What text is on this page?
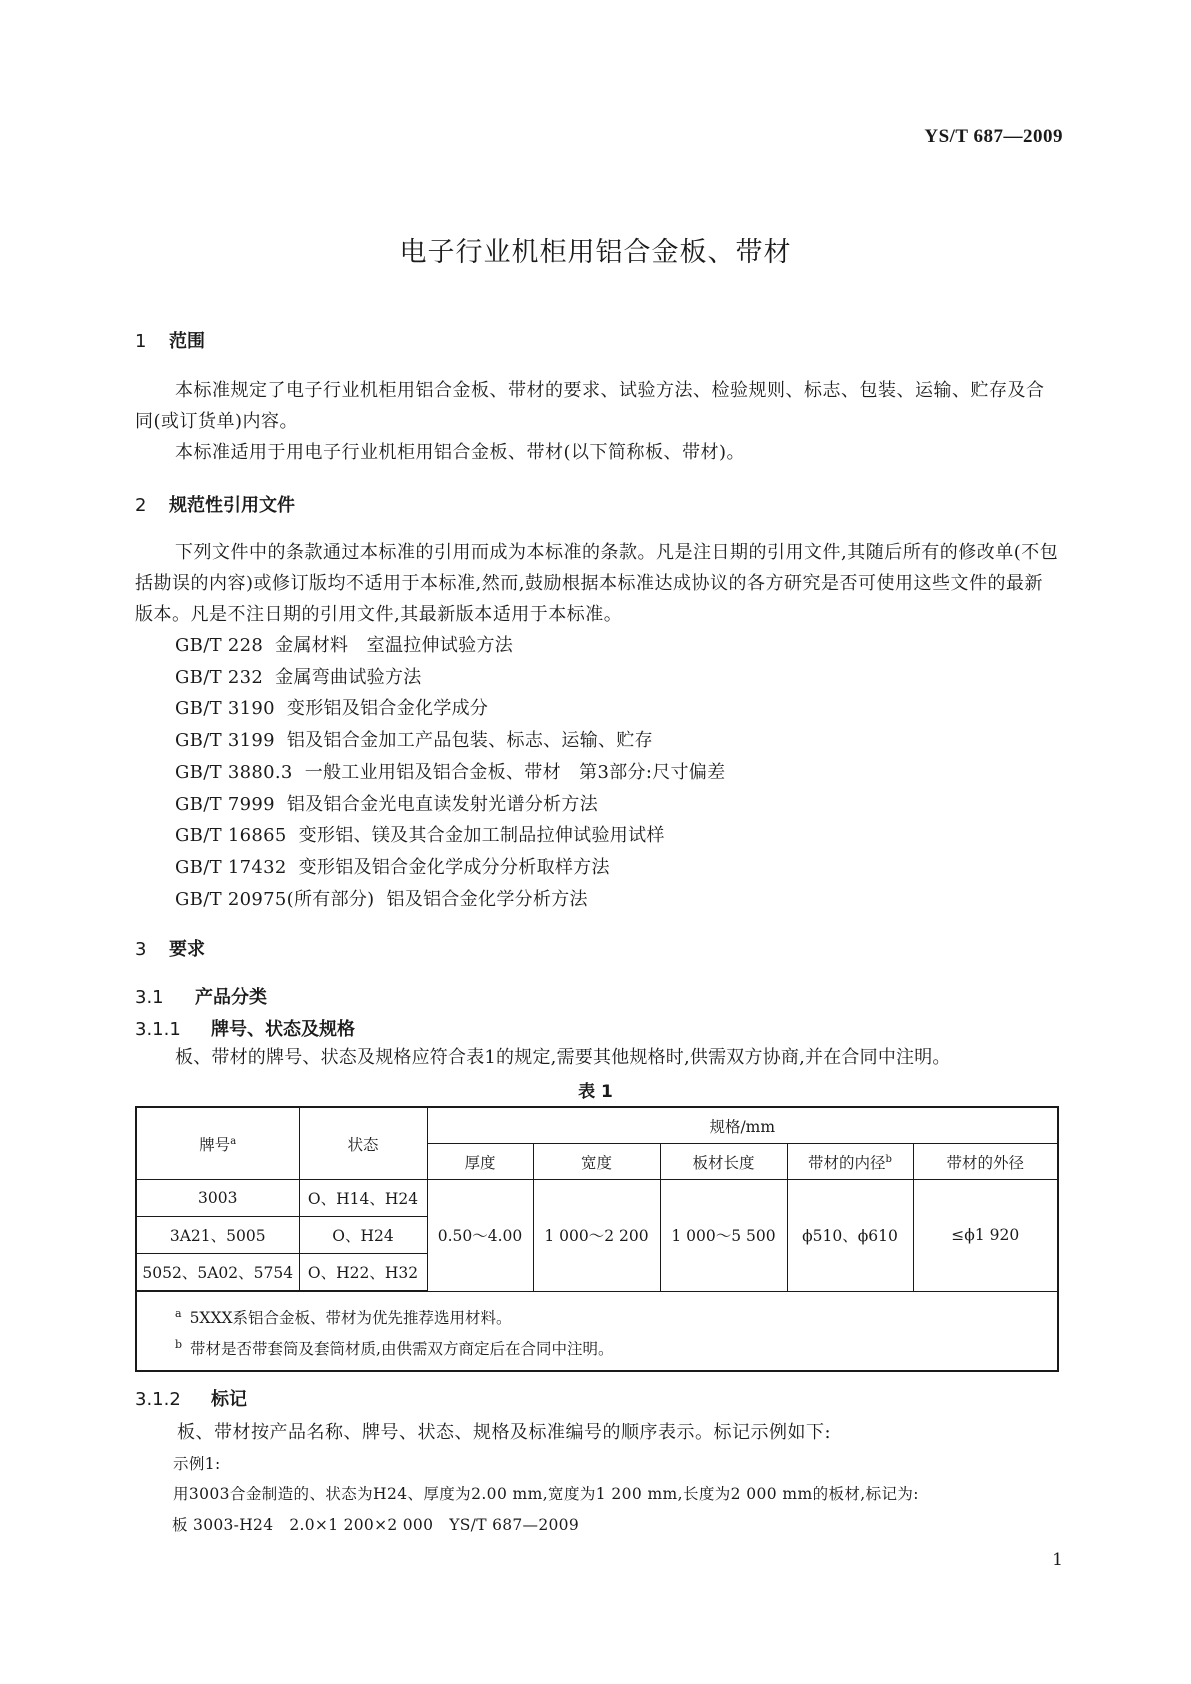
YS/T 687—2009
电子行业机柜用铝合金板、带材
1 范围
本标准规定了电子行业机柜用铝合金板、带材的要求、试验方法、检验规则、标志、包装、运输、贮存及合同(或订货单)内容。
本标准适用于用电子行业机柜用铝合金板、带材(以下简称板、带材)。
2 规范性引用文件
下列文件中的条款通过本标准的引用而成为本标准的条款。凡是注日期的引用文件,其随后所有的修改单(不包括勘误的内容)或修订版均不适用于本标准,然而,鼓励根据本标准达成协议的各方研究是否可使用这些文件的最新版本。凡是不注日期的引用文件,其最新版本适用于本标准。
GB/T 228 金属材料　室温拉伸试验方法
GB/T 232 金属弯曲试验方法
GB/T 3190 变形铝及铝合金化学成分
GB/T 3199 铝及铝合金加工产品包装、标志、运输、贮存
GB/T 3880.3 一般工业用铝及铝合金板、带材　第3部分:尺寸偏差
GB/T 7999 铝及铝合金光电直读发射光谱分析方法
GB/T 16865 变形铝、镁及其合金加工制品拉伸试验用试样
GB/T 17432 变形铝及铝合金化学成分分析取样方法
GB/T 20975(所有部分) 铝及铝合金化学分析方法
3 要求
3.1 产品分类
3.1.1 牌号、状态及规格
板、带材的牌号、状态及规格应符合表1的规定,需要其他规格时,供需双方协商,并在合同中注明。
表 1
牌号$^a$	状态	规格/mm				
		厚度	宽度	板材长度	带材的内径$^b$	带材的外径
3003	O、H14、H24	0.50～4.00	1 000～2 200	1 000～5 500	ϕ510、ϕ610	≤ϕ1 920
3A21、5005	O、H24					
5052、5A02、5754	O、H22、H32					
$^a$ 5XXX系铝合金板、带材为优先推荐选用材料。
$^b$ 带材是否带套筒及套筒材质,由供需双方商定后在合同中注明。
3.1.2 标记
板、带材按产品名称、牌号、状态、规格及标准编号的顺序表示。标记示例如下:
示例1:
用3003合金制造的、状态为H24、厚度为2.00 mm,宽度为1 200 mm,长度为2 000 mm的板材,标记为:
板 3003-H24 2.0×1 200×2 000 YS/T 687—2009
1
